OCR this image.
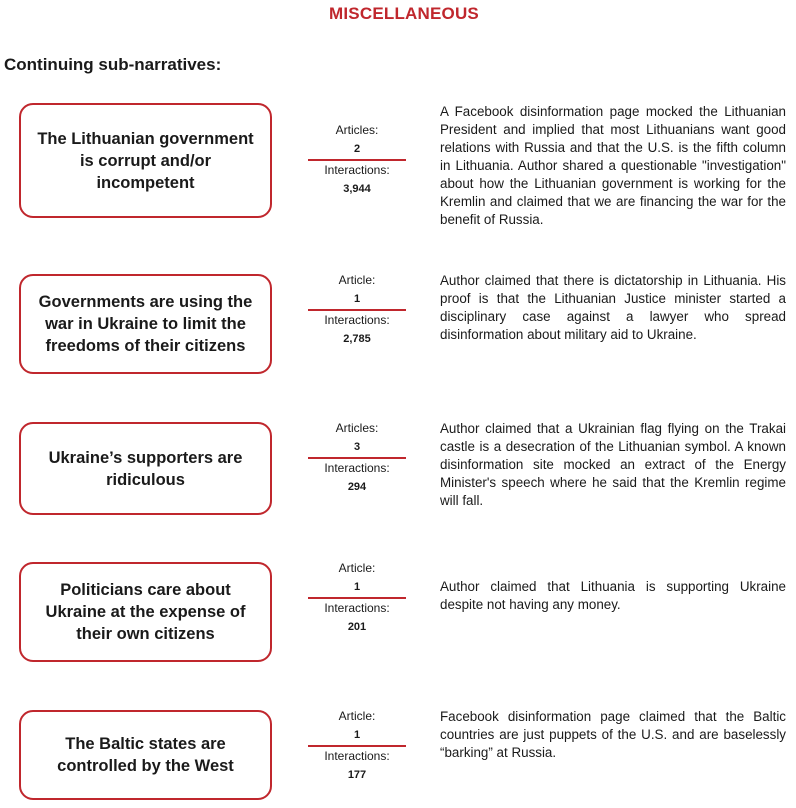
MISCELLANEOUS
Continuing sub-narratives:
The Lithuanian government is corrupt and/or incompetent
Articles:
2
Interactions:
3,944
A Facebook disinformation page mocked the Lithuanian President and implied that most Lithuanians want good relations with Russia and that the U.S. is the fifth column in Lithuania. Author shared a questionable "investigation" about how the Lithuanian government is working for the Kremlin and claimed that we are financing the war for the benefit of Russia.
Governments are using the war in Ukraine to limit the freedoms of their citizens
Article:
1
Interactions:
2,785
Author claimed that there is dictatorship in Lithuania. His proof is that the Lithuanian Justice minister started a disciplinary case against a lawyer who spread disinformation about military aid to Ukraine.
Ukraine’s supporters are ridiculous
Articles:
3
Interactions:
294
Author claimed that a Ukrainian flag flying on the Trakai castle is a desecration of the Lithuanian symbol. A known disinformation site mocked an extract of the Energy Minister's speech where he said that the Kremlin regime will fall.
Politicians care about Ukraine at the expense of their own citizens
Article:
1
Interactions:
201
Author claimed that Lithuania is supporting Ukraine despite not having any money.
The Baltic states are controlled by the West
Article:
1
Interactions:
177
Facebook disinformation page claimed that the Baltic countries are just puppets of the U.S. and are baselessly “barking” at Russia.
